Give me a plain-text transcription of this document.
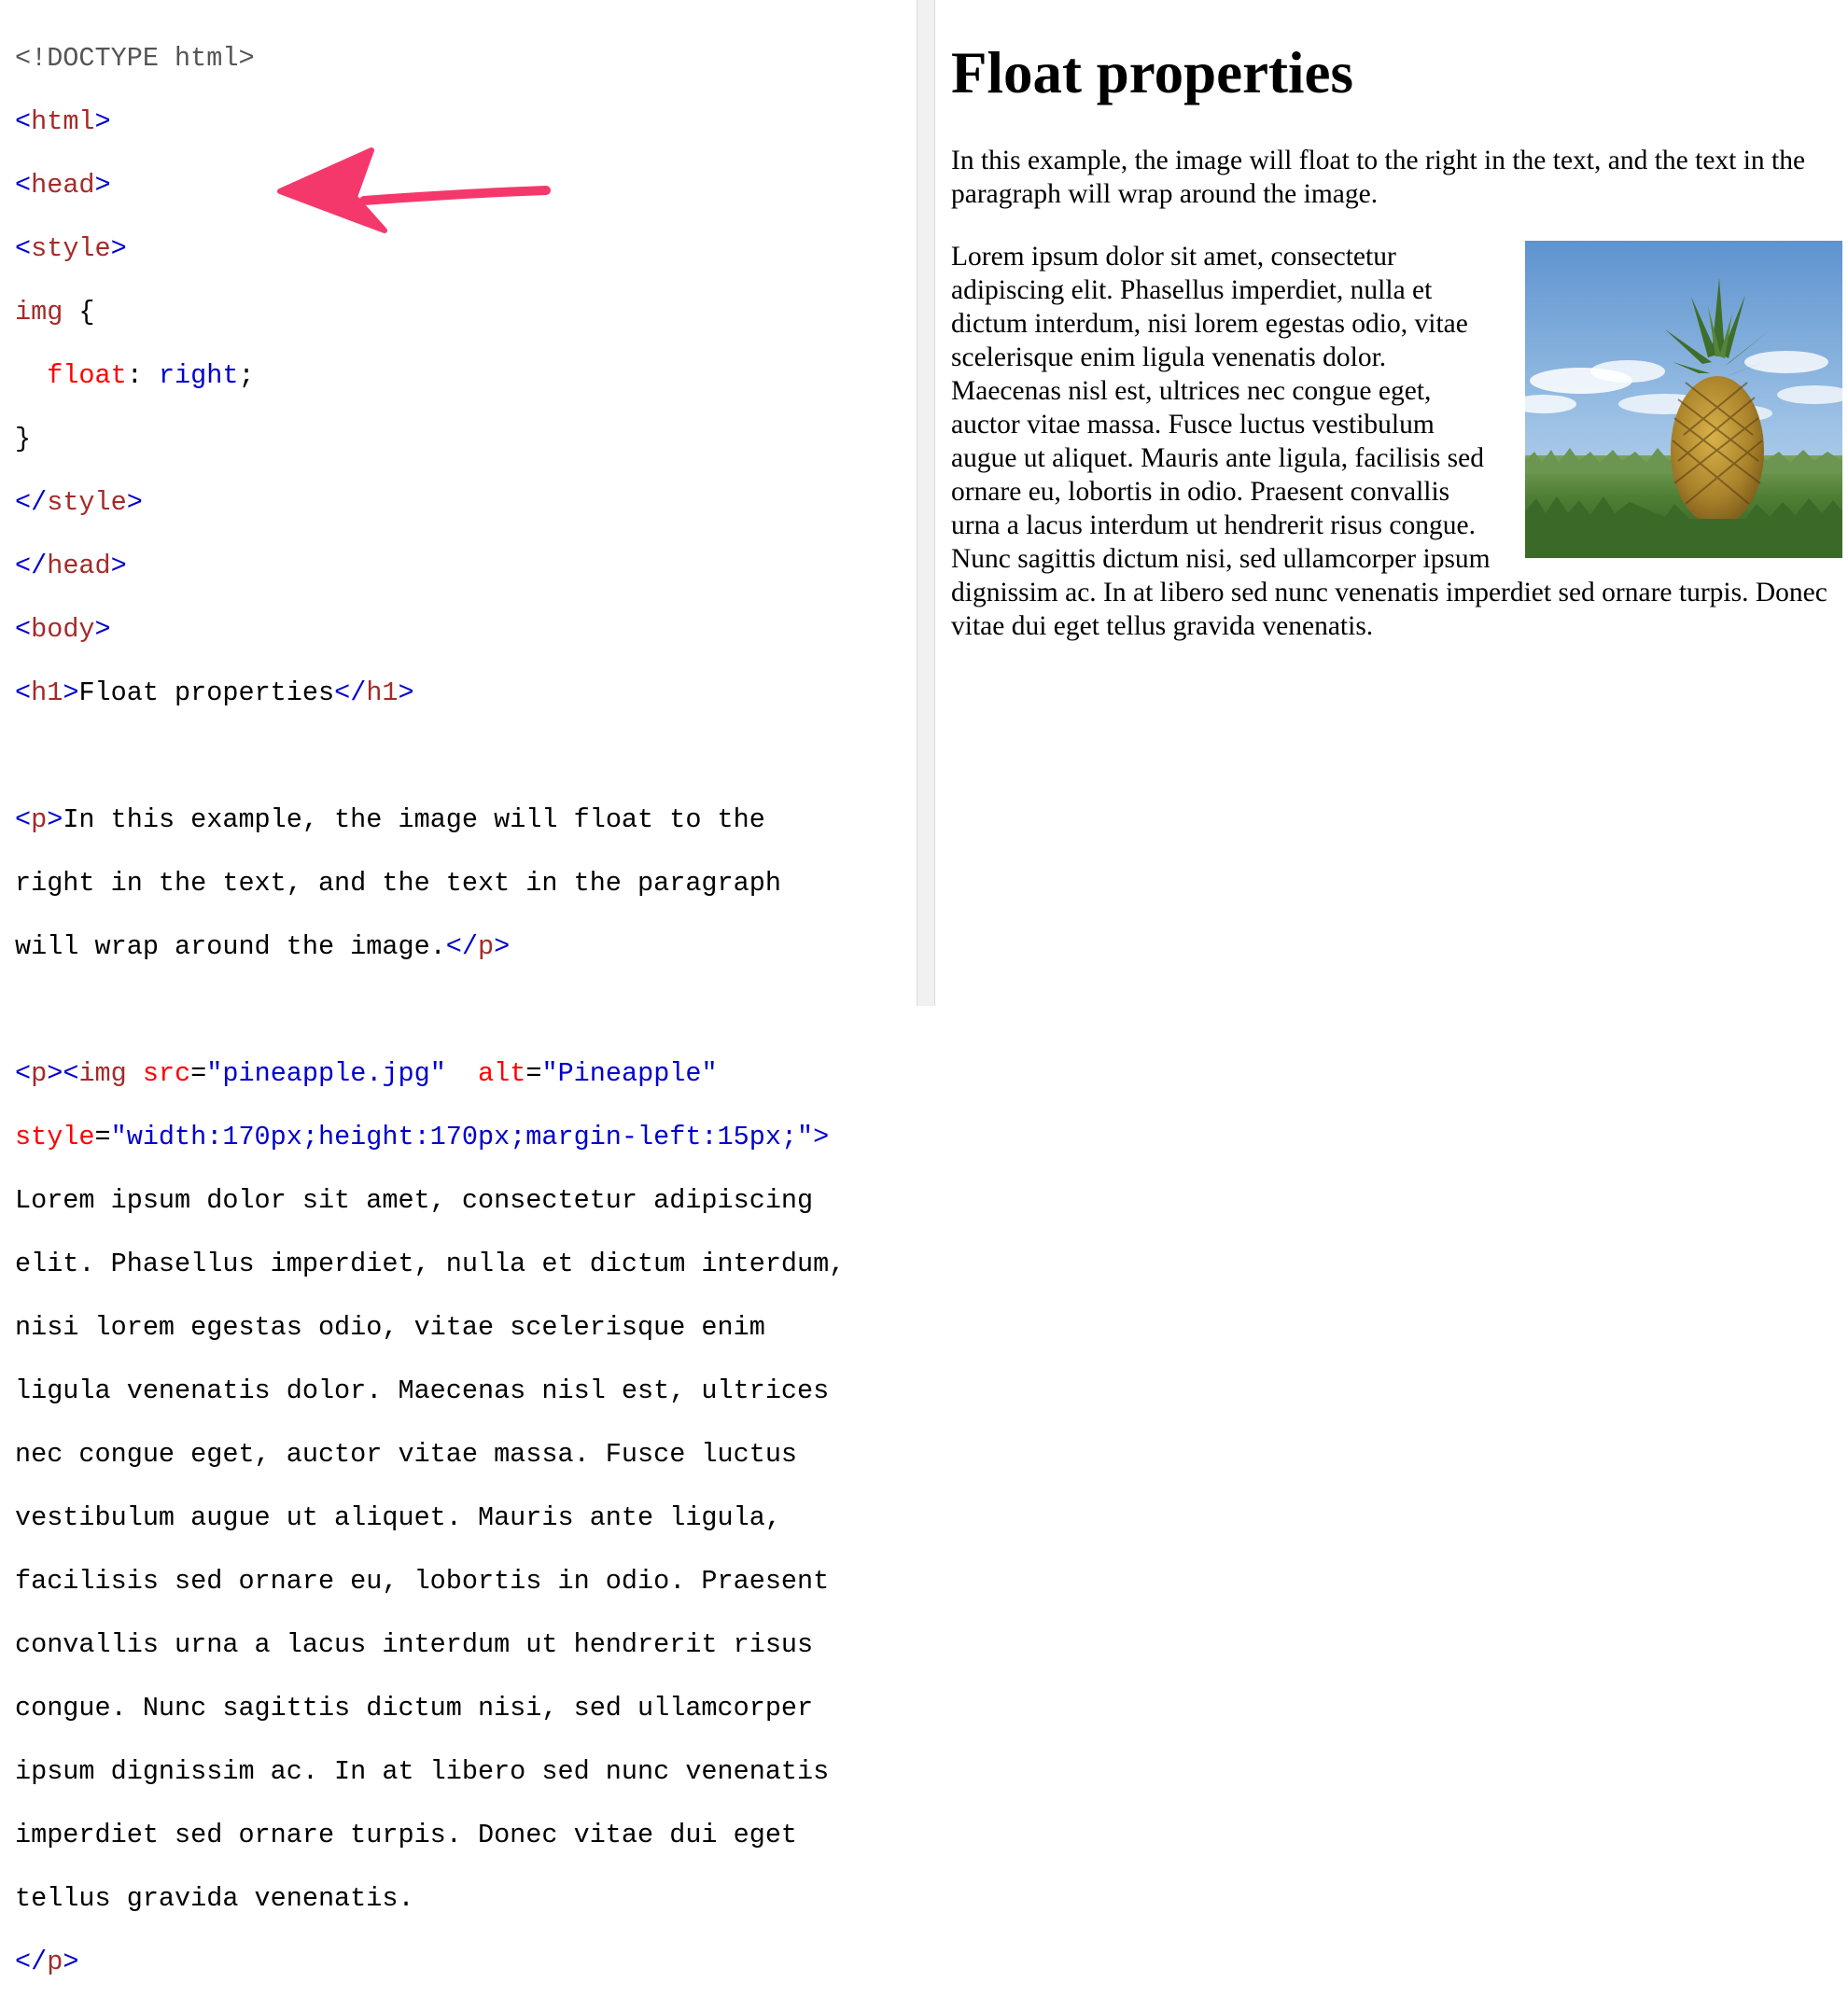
<!DOCTYPE html>

<html>

<head>

<style>

img {

float: right;

}

</style>

</head>

<body>

<h1>Float properties</h1>

<p>In this example, the image will float to the

right in the text, and the text in the paragraph

will wrap around the image.</p>

<p><img src="pineapple.jpg" alt="Pineapple"

style="width:170px;height:170px;margin-left:15px;">

Lorem ipsum dolor sit amet, consectetur adipiscing

elit. Phasellus imperdiet, nulla et dictum interdum,

nisi lorem egestas odio, vitae scelerisque enim

ligula venenatis dolor. Maecenas nisl est, ultrices

nec congue eget, auctor vitae massa. Fusce luctus

vestibulum augue ut aliquet. Mauris ante ligula,

facilisis sed ornare eu, lobortis in odio. Praesent

convallis urna a lacus interdum ut hendrerit risus

congue. Nunc sagittis dictum nisi, sed ullamcorper

ipsum dignissim ac. In at libero sed nunc venenatis

imperdiet sed ornare turpis. Donec vitae dui eget

tellus gravida venenatis.

</p>

Float properties

In this example, the image will float to the right in the text, and the text in the paragraph will wrap around the image.

Lorem ipsum dolor sit amet, consectetur adipiscing elit. Phasellus imperdiet, nulla et dictum interdum, nisi lorem egestas odio, vitae scelerisque enim ligula venenatis dolor. Maecenas nisl est, ultrices nec congue eget, auctor vitae massa. Fusce luctus vestibulum augue ut aliquet. Mauris ante ligula, facilisis sed ornare eu, lobortis in odio. Praesent convallis urna a lacus interdum ut hendrerit risus congue. Nunc sagittis dictum nisi, sed ullamcorper ipsum dignissim ac. In at libero sed nunc venenatis imperdiet sed ornare turpis. Donec vitae dui eget tellus gravida venenatis.
